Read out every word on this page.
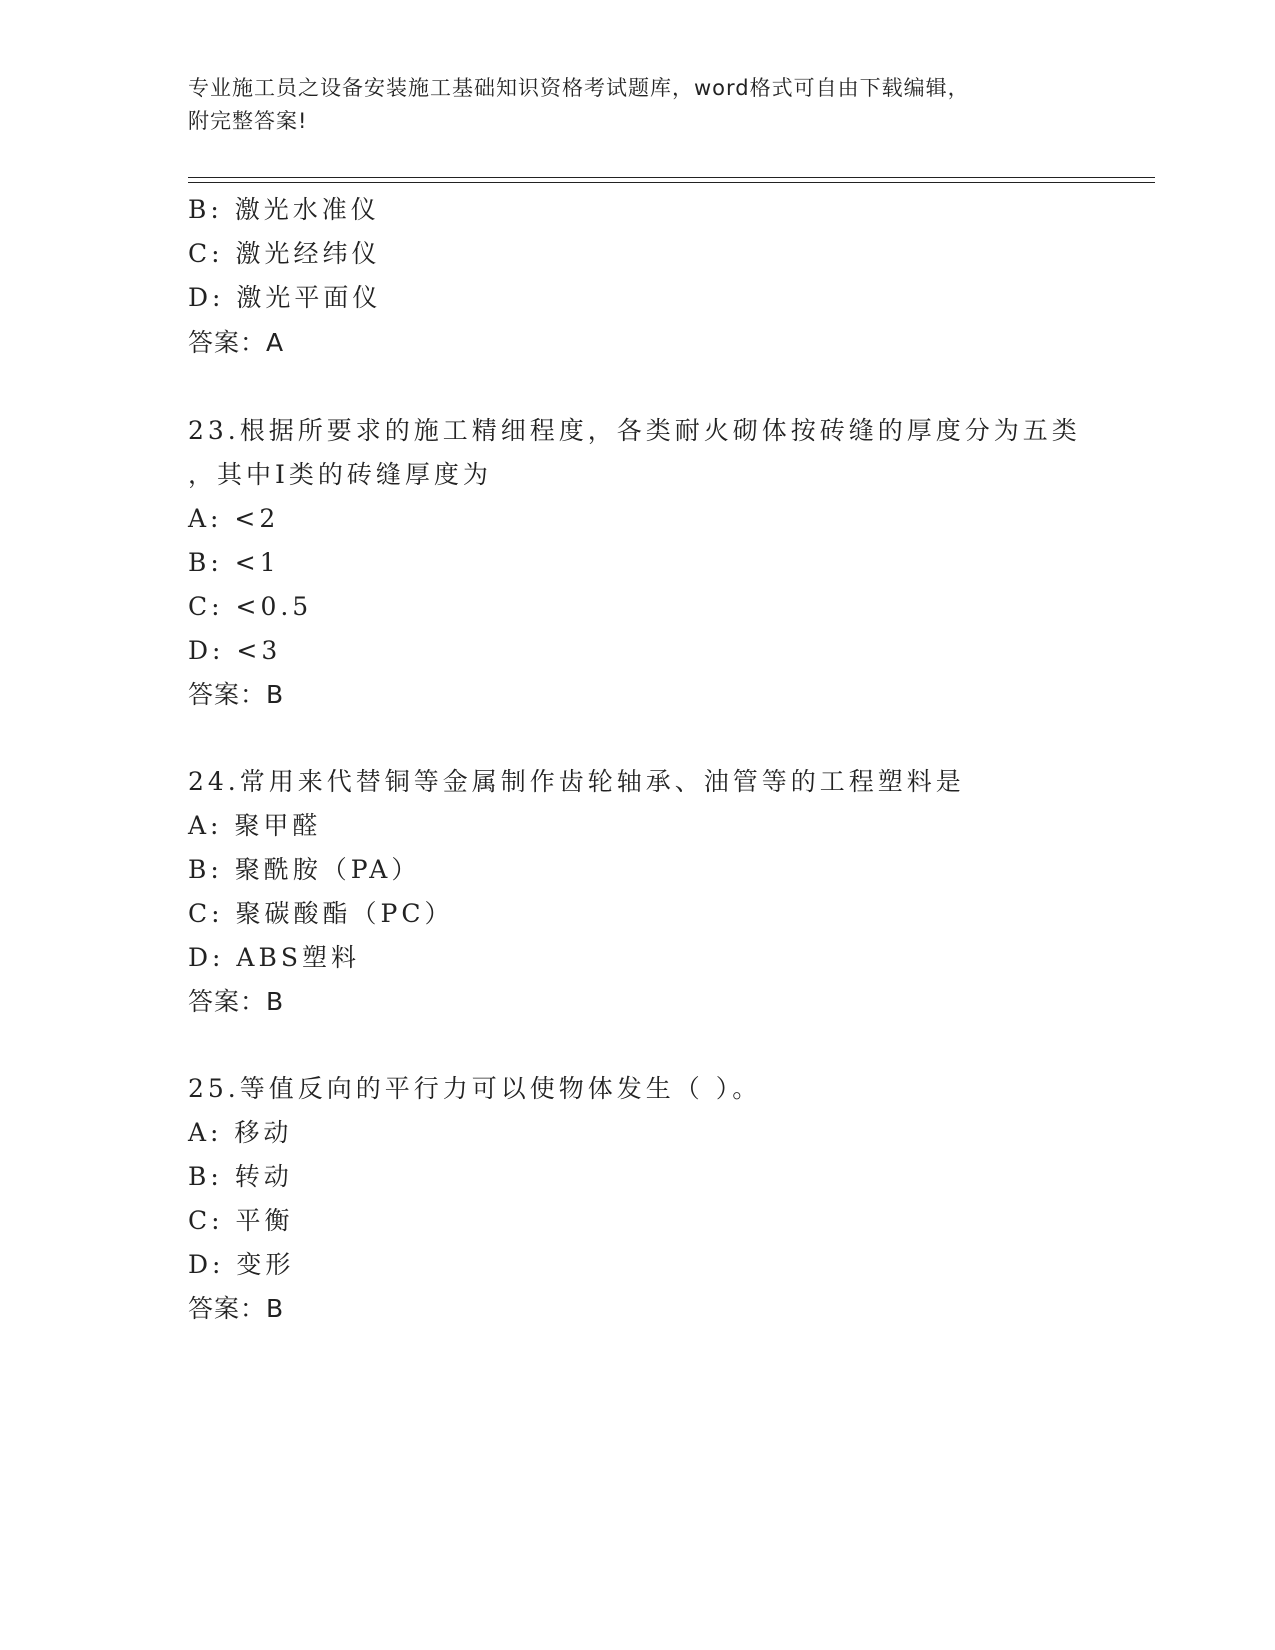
专业施工员之设备安装施工基础知识资格考试题库，word格式可自由下载编辑，
附完整答案!
B: 激光水准仪
C: 激光经纬仪
D: 激光平面仪
答案：A
23.根据所要求的施工精细程度，各类耐火砌体按砖缝的厚度分为五类
，其中Ⅰ类的砖缝厚度为
A: <2
B: <1
C: <0.5
D: <3
答案：B
24.常用来代替铜等金属制作齿轮轴承、油管等的工程塑料是
A: 聚甲醛
B: 聚酰胺（PA）
C: 聚碳酸酯（PC）
D: ABS塑料
答案：B
25.等值反向的平行力可以使物体发生（ ）。
A: 移动
B: 转动
C: 平衡
D: 变形
答案：B
